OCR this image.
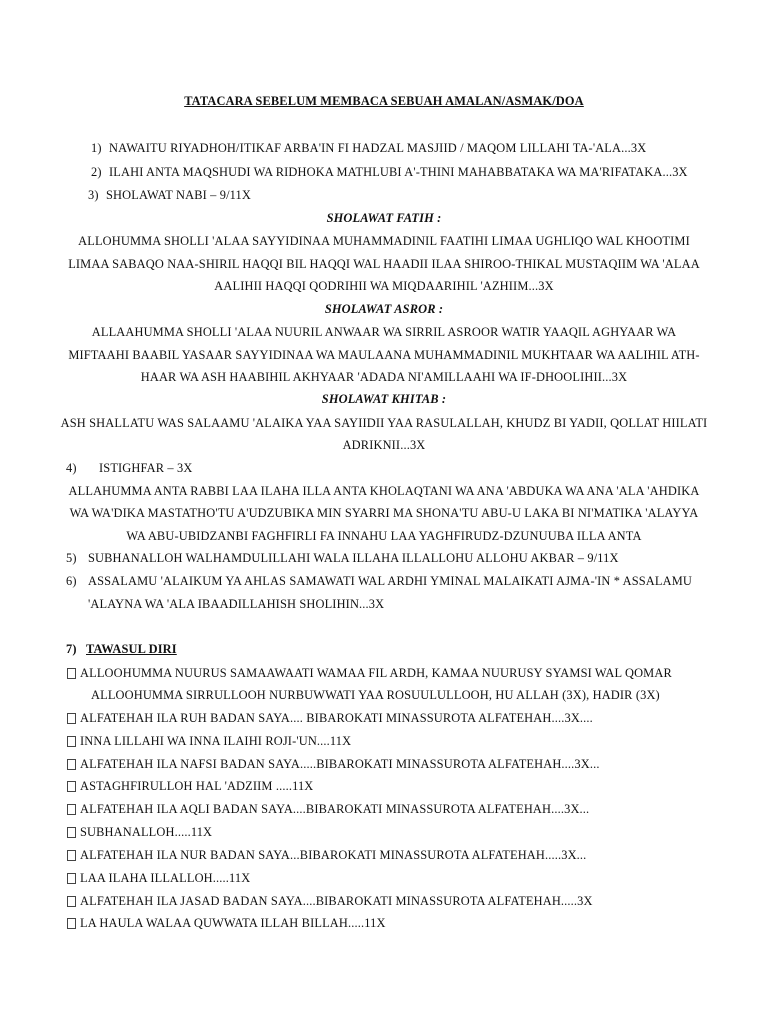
TATACARA SEBELUM MEMBACA SEBUAH AMALAN/ASMAK/DOA
1) NAWAITU RIYADHOH/ITIKAF ARBA'IN FI HADZAL MASJIID / MAQOM LILLAHI TA-'ALA...3X
2) ILAHI ANTA MAQSHUDI WA RIDHOKA MATHLUBI A'-THINI MAHABBATAKA WA MA'RIFATAKA...3X
3) SHOLAWAT NABI – 9/11X
SHOLAWAT FATIH :
ALLOHUMMA SHOLLI 'ALAA SAYYIDINAA MUHAMMADINIL FAATIHI LIMAA UGHLIQO WAL KHOOTIMI
LIMAA SABAQO NAA-SHIRIL HAQQI BIL HAQQI WAL HAADII ILAA SHIROO-THIKAL MUSTAQIIM WA 'ALAA
AALIHII HAQQI QODRIHII WA MIQDAARIHIL 'AZHIIM...3X
SHOLAWAT ASROR :
ALLAAHUMMA SHOLLI 'ALAA NUURIL ANWAAR WA SIRRIL ASROOR WATIR YAAQIL AGHYAAR WA
MIFTAAHI BAABIL YASAAR SAYYIDINAA WA MAULAANA MUHAMMADINIL MUKHTAAR WA AALIHIL ATH-
HAAR WA ASH HAABIHIL AKHYAAR 'ADADA NI'AMILLAAHI WA IF-DHOOLIHII...3X
SHOLAWAT KHITAB :
ASH SHALLATU WAS SALAAMU 'ALAIKA YAA SAYIIDII YAA RASULALLAH, KHUDZ BI YADII, QOLLAT HIILATI
ADRIKNII...3X
4) ISTIGHFAR – 3X
ALLAHUMMA ANTA RABBI LAA ILAHA ILLA ANTA KHOLAQTANI WA ANA 'ABDUKA WA ANA 'ALA 'AHDIKA
WA WA'DIKA MASTATHO'TU A'UDZUBIKA MIN SYARRI MA SHONA'TU ABU-U LAKA BI NI'MATIKA 'ALAYYA
WA ABU-UBIDZANBI FAGHFIRLI FA INNAHU LAA YAGHFIRUDZ-DZUNUUBA ILLA ANTA
5) SUBHANALLOH WALHAMDULILLAHI WALA ILLAHA ILLALLOHU ALLOHU AKBAR – 9/11X
6) ASSALAMU 'ALAIKUM YA AHLAS SAMAWATI WAL ARDHI YMINAL MALAIKATI AJMA-'IN * ASSALAMU
'ALAYNA WA 'ALA IBAADILLAHISH SHOLIHIN...3X
7) TAWASUL DIRI
ALLOOHUMMA NUURUS SAMAAWAATI WAMAA FIL ARDH, KAMAA NUURUSY SYAMSI WAL QOMAR
ALLOOHUMMA SIRRULLOOH NURBUWWATI YAA ROSUULULLOOH, HU ALLAH (3X), HADIR (3X)
ALFATEHAH ILA RUH BADAN SAYA.... BIBAROKATI MINASSUROTA ALFATEHAH....3X....
INNA LILLAHI WA INNA ILAIHI ROJI-'UN....11X
ALFATEHAH ILA NAFSI BADAN SAYA.....BIBAROKATI MINASSUROTA ALFATEHAH....3X...
ASTAGHFIRULLOH HAL 'ADZIIM .....11X
ALFATEHAH ILA AQLI BADAN SAYA....BIBAROKATI MINASSUROTA ALFATEHAH....3X...
SUBHANALLOH.....11X
ALFATEHAH ILA NUR BADAN SAYA...BIBAROKATI MINASSUROTA ALFATEHAH.....3X...
LAA ILAHA ILLALLOH.....11X
ALFATEHAH ILA JASAD BADAN SAYA....BIBAROKATI MINASSUROTA ALFATEHAH.....3X
LA HAULA WALAA QUWWATA ILLAH BILLAH.....11X
